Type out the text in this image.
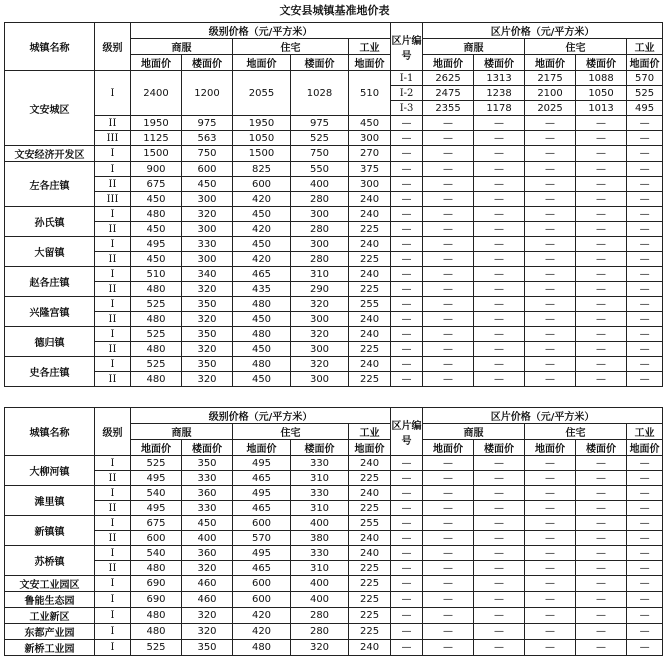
文安县城镇基准地价表
城镇名称	级别	级别价格（元/平方米）					区片编号	区片价格（元/平方米）				
		商服		住宅		工业		商服		住宅		工业
		地面价	楼面价	地面价	楼面价	地面价		地面价	楼面价	地面价	楼面价	地面价
文安城区	I	2400	1200	2055	1028	510	I-1	2625	1313	2175	1088	570
							I-2	2475	1238	2100	1050	525
							I-3	2355	1178	2025	1013	495
	II	1950	975	1950	975	450	—	—	—	—	—	—
	III	1125	563	1050	525	300	—	—	—	—	—	—
文安经济开发区	I	1500	750	1500	750	270	—	—	—	—	—	—
左各庄镇	I	900	600	825	550	375	—	—	—	—	—	—
	II	675	450	600	400	300	—	—	—	—	—	—
	III	450	300	420	280	240	—	—	—	—	—	—
孙氏镇	I	480	320	450	300	240	—	—	—	—	—	—
	II	450	300	420	280	225	—	—	—	—	—	—
大留镇	I	495	330	450	300	240	—	—	—	—	—	—
	II	450	300	420	280	225	—	—	—	—	—	—
赵各庄镇	I	510	340	465	310	240	—	—	—	—	—	—
	II	480	320	435	290	225	—	—	—	—	—	—
兴隆宫镇	I	525	350	480	320	255	—	—	—	—	—	—
	II	480	320	450	300	240	—	—	—	—	—	—
德归镇	I	525	350	480	320	240	—	—	—	—	—	—
	II	480	320	450	300	225	—	—	—	—	—	—
史各庄镇	I	525	350	480	320	240	—	—	—	—	—	—
	II	480	320	450	300	225	—	—	—	—	—	—
城镇名称	级别	级别价格（元/平方米）					区片编号	区片价格（元/平方米）				
		商服		住宅		工业		商服		住宅		工业
		地面价	楼面价	地面价	楼面价	地面价		地面价	楼面价	地面价	楼面价	地面价
大柳河镇	I	525	350	495	330	240	—	—	—	—	—	—
	II	495	330	465	310	225	—	—	—	—	—	—
滩里镇	I	540	360	495	330	240	—	—	—	—	—	—
	II	495	330	465	310	225	—	—	—	—	—	—
新镇镇	I	675	450	600	400	255	—	—	—	—	—	—
	II	600	400	570	380	240	—	—	—	—	—	—
苏桥镇	I	540	360	495	330	240	—	—	—	—	—	—
	II	480	320	465	310	225	—	—	—	—	—	—
文安工业园区	I	690	460	600	400	225	—	—	—	—	—	—
鲁能生态园	I	690	460	600	400	225	—	—	—	—	—	—
工业新区	I	480	320	420	280	225	—	—	—	—	—	—
东都产业园	I	480	320	420	280	225	—	—	—	—	—	—
新桥工业园	I	525	350	480	320	240	—	—	—	—	—	—
